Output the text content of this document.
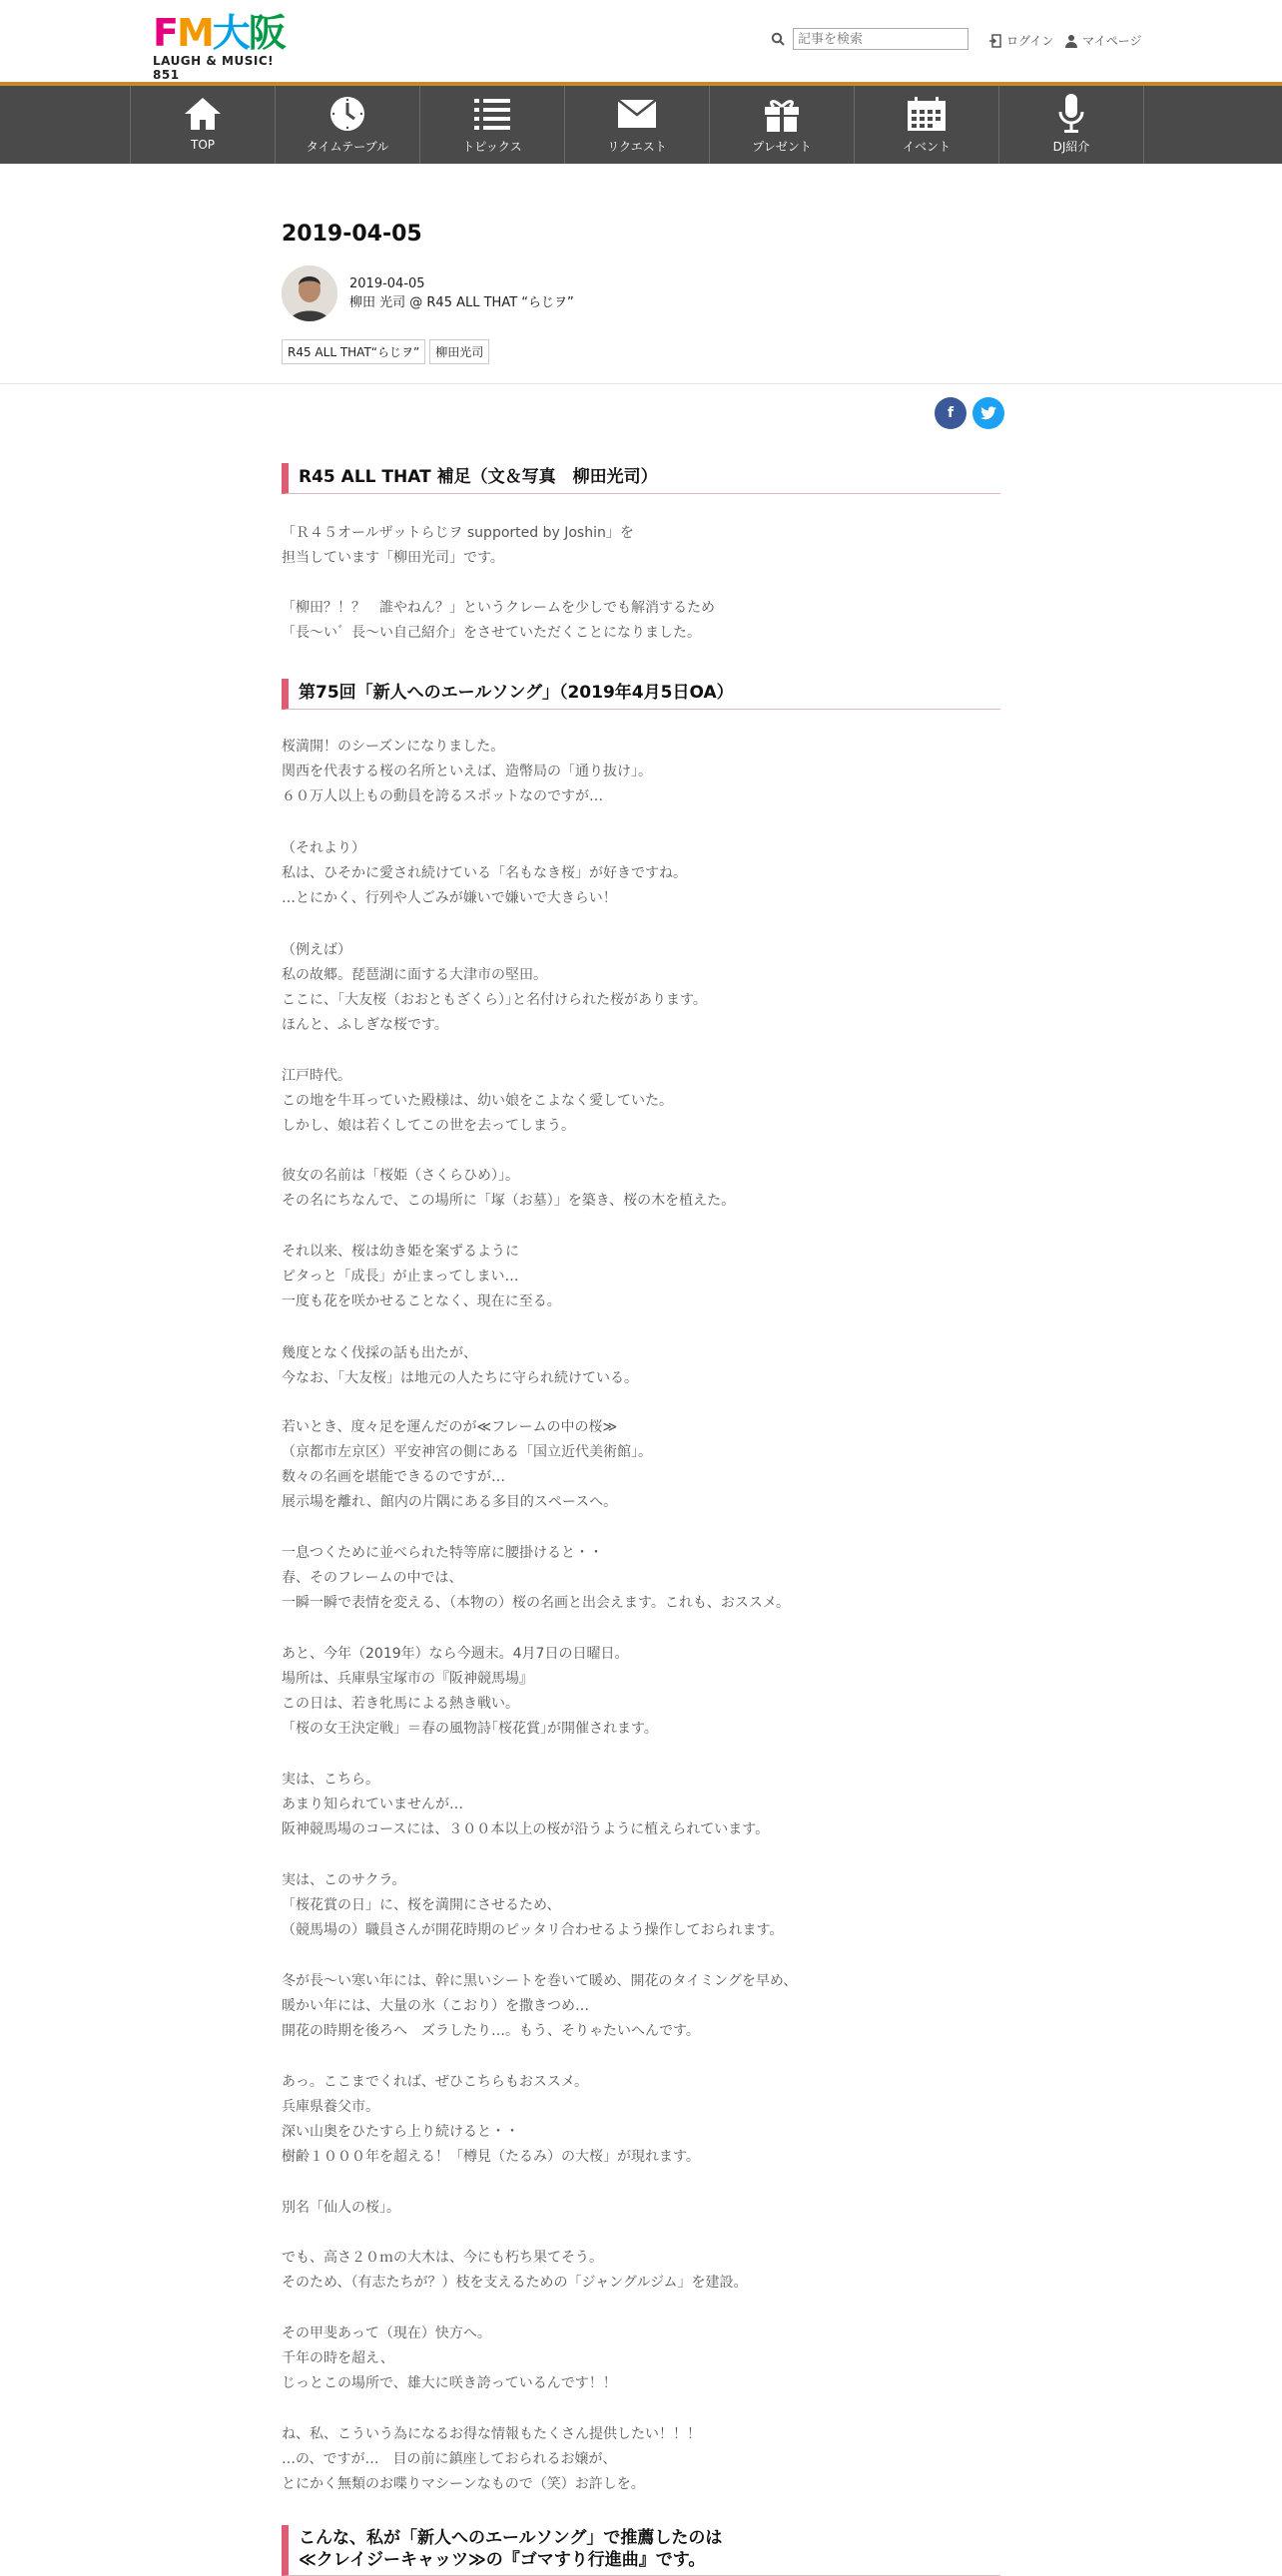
FM大阪
LAUGH & MUSIC! 851
記事を検索
ログイン マイページ
TOP	タイムテーブル	トピックス	リクエスト	プレゼント	イベント	DJ紹介
2019-04-05
2019-04-05
柳田 光司 @ R45 ALL THAT “らじヲ”
R45 ALL THAT“らじヲ”	柳田光司
f
R45 ALL THAT 補足（文＆写真　柳田光司）
「Ｒ４５オールザットらじヲ supported by Joshin」を
担当しています「柳田光司」です。
「柳田？！？　誰やねん？」というクレームを少しでも解消するため
「長～い゛長～い自己紹介」をさせていただくことになりました。
第75回「新人へのエールソング」（2019年4月5日OA）
桜満開！のシーズンになりました。
関西を代表する桜の名所といえば、造幣局の「通り抜け」。
６０万人以上もの動員を誇るスポットなのですが…
（それより）
私は、ひそかに愛され続けている「名もなき桜」が好きですね。
…とにかく、行列や人ごみが嫌いで嫌いで大きらい！
（例えば）
私の故郷。琵琶湖に面する大津市の堅田。
ここに、｢大友桜（おおともざくら）｣と名付けられた桜があります。
ほんと、ふしぎな桜です。
江戸時代。
この地を牛耳っていた殿様は、幼い娘をこよなく愛していた。
しかし、娘は若くしてこの世を去ってしまう。
彼女の名前は「桜姫（さくらひめ）」。
その名にちなんで、この場所に「塚（お墓）」を築き、桜の木を植えた。
それ以来、桜は幼き姫を案ずるように
ピタっと「成長」が止まってしまい…
一度も花を咲かせることなく、現在に至る。
幾度となく伐採の話も出たが、
今なお、「大友桜」は地元の人たちに守られ続けている。
若いとき、度々足を運んだのが≪フレームの中の桜≫
（京都市左京区）平安神宮の側にある「国立近代美術館」。
数々の名画を堪能できるのですが…
展示場を離れ、館内の片隅にある多目的スペースへ。
一息つくために並べられた特等席に腰掛けると・・
春、そのフレームの中では、
一瞬一瞬で表情を変える、（本物の）桜の名画と出会えます。これも、おススメ。
あと、今年（2019年）なら今週末。4月7日の日曜日。
場所は、兵庫県宝塚市の『阪神競馬場』
この日は、若き牝馬による熱き戦い。
「桜の女王決定戦」＝春の風物詩｢桜花賞｣が開催されます。
実は、こちら。
あまり知られていませんが…
阪神競馬場のコースには、３００本以上の桜が沿うように植えられています。
実は、このサクラ。
「桜花賞の日」に、桜を満開にさせるため、
（競馬場の）職員さんが開花時期のピッタリ合わせるよう操作しておられます。
冬が長～い寒い年には、幹に黒いシートを巻いて暖め、開花のタイミングを早め、
暖かい年には、大量の氷（こおり）を撒きつめ…
開花の時期を後ろへ　ズラしたり…。もう、そりゃたいへんです。
あっ。ここまでくれば、ぜひこちらもおススメ。
兵庫県養父市。
深い山奥をひたすら上り続けると・・
樹齢１０００年を超える！「樽見（たるみ）の大桜」が現れます。
別名「仙人の桜」。
でも、高さ２０ｍの大木は、今にも朽ち果てそう。
そのため、（有志たちが？）枝を支えるための「ジャングルジム」を建設。
その甲斐あって（現在）快方へ。
千年の時を超え、
じっとこの場所で、雄大に咲き誇っているんです！！
ね、私、こういう為になるお得な情報もたくさん提供したい！！！
…の、ですが…　目の前に鎮座しておられるお嬢が、
とにかく無類のお喋りマシーンなもので（笑）お許しを。
こんな、私が「新人へのエールソング」で推薦したのは
≪クレイジーキャッツ≫の『ゴマすり行進曲』です。
